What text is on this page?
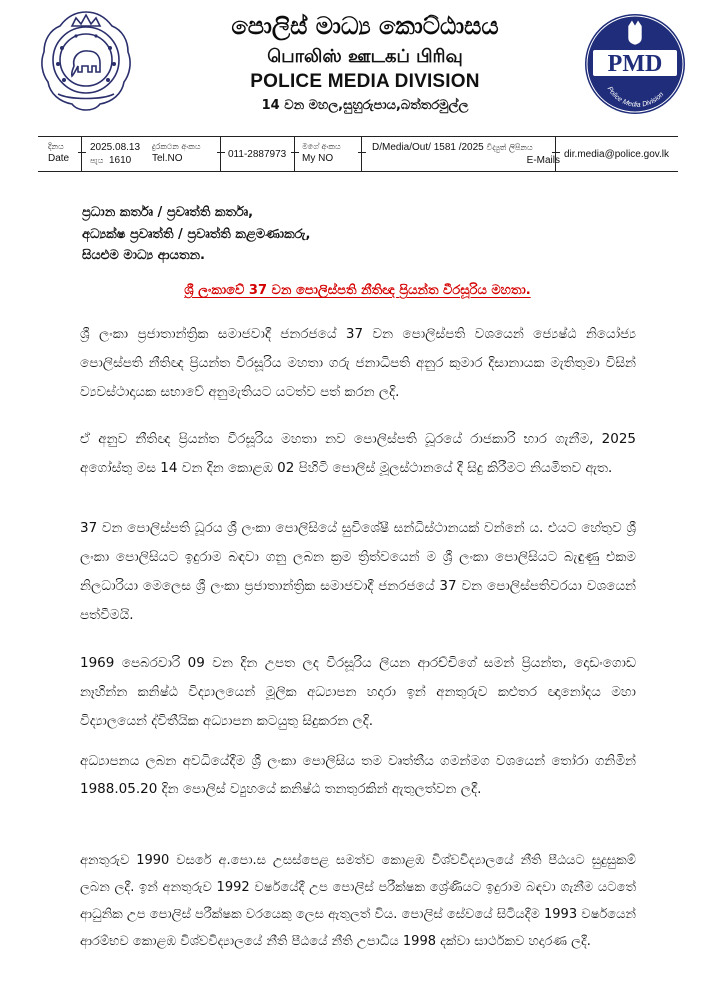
පොලිස් මාධ්‍ය කොට්ඨාසය
பொலிஸ் ஊடகப் பிரிவு
POLICE MEDIA DIVISION
14 වන මහල,සුහුරුපාය,බත්තරමුල්ල
PMD
Police Media Division
දිනය
Date
2025.08.13
පැය 1610
දුරකථන අංකය
Tel.NO	011-2887973
මගේ අංකය
My NO
D/Media/Out/ 1581 /2025 විද්‍යුත් ලිපිනය
E-Mails
dir.media@police.gov.lk
ප්‍රධාන කර්තෘ / ප්‍රවෘත්ති කර්තෘ,
අධ්‍යක්ෂ ප්‍රවෘත්ති / ප්‍රවෘත්ති කළමණාකරු,
සියළුම මාධ්‍ය ආයතන.
ශ්‍රී ලංකාවේ 37 වන පොලිස්පති නීතිඥ ප්‍රියන්ත වීරසූරිය මහතා.
ශ්‍රී ලංකා ප්‍රජාතාන්ත්‍රික සමාජවාදී ජනරජයේ 37 වන පොලිස්පති වශයෙන් ජ්‍යෙෂ්ඨ නියෝජ්‍ය පොලිස්පති නීතිඥ ප්‍රියන්ත වීරසූරිය මහතා ගරු ජනාධිපති අනුර කුමාර දිසානායක මැතිතුමා විසින් ව්‍යවස්ථාදායක සභාවේ අනුමැතියට යටත්ව පත් කරන ලදි.
ඒ අනුව නීතිඥ ප්‍රියන්ත වීරසූරිය මහතා නව පොලිස්පති ධූරයේ රාජකාරි භාර ගැනීම, 2025 අගෝස්තු මස 14 වන දින කොළඹ 02 පිහිටි පොලිස් මූලස්ථානයේ දී සිදු කිරීමට නියමිතව ඇත.
37 වන පොලිස්පති ධූරය ශ්‍රී ලංකා පොලිසියේ සුවිශේෂී සන්ධිස්ථානයක් වන්නේ ය. එයට හේතුව ශ්‍රී ලංකා පොලිසියට ඉදුරාම බඳවා ගනු ලබන ක්‍රම ත්‍රිත්වයෙන් ම ශ්‍රී ලංකා පොලිසියට බැඳුණු එකම නිලධාරියා මෙලෙස ශ්‍රී ලංකා ප්‍රජාතාන්ත්‍රික සමාජවාදී ජනරජයේ 37 වන පොලිස්පතිවරයා වශයෙන් පත්වීමයි.
1969 පෙබරවාරි 09 වන දින උපත ලද වීරසූරිය ලියන ආරච්චිගේ සමන් ප්‍රියන්ත, දොඩංගොඩ නෑහින්න කනිෂ්ඨ විද්‍යාලයෙන් මූලික අධ්‍යාපන හදාරා ඉන් අනතුරුව කළුතර ඥානෝදය මහා විද්‍යාලයෙන් ද්විතීයික අධ්‍යාපන කටයුතු සිදුකරන ලදි.
අධ්‍යාපනය ලබන අවධියේදීම ශ්‍රී ලංකා පොලිසිය තම වෘත්තීය ගමන්මග වශයෙන් තෝරා ගනිමින් 1988.05.20 දින පොලිස් ව්‍යුහයේ කනිෂ්ඨ තනතුරකින් ඇතුලත්වන ලදී.
අනතුරුව 1990 වසරේ අ.පො.ස උසස්පෙළ සමත්ව කොළඹ විශ්වවිද්‍යාලයේ නීති පීඨයට සුදුසුකම් ලබන ලදී. ඉන් අනතුරුව 1992 වර්ෂයේදී උප පොලිස් පරීක්ෂක ශ්‍රේණියට ඉදුරාම බඳවා ගැනීම යටතේ ආධුනික උප පොලිස් පරීක්ෂක වරයෙකු ලෙස ඇතුලත් විය. පොලිස් සේවයේ සිටියදීම 1993 වර්ෂයෙන් ආරම්භව කොළඹ විශ්වවිද්‍යාලයේ නීති පීඨයේ නීති උපාධිය 1998 දක්වා සාර්ථකව හදාරණ ලදී.
